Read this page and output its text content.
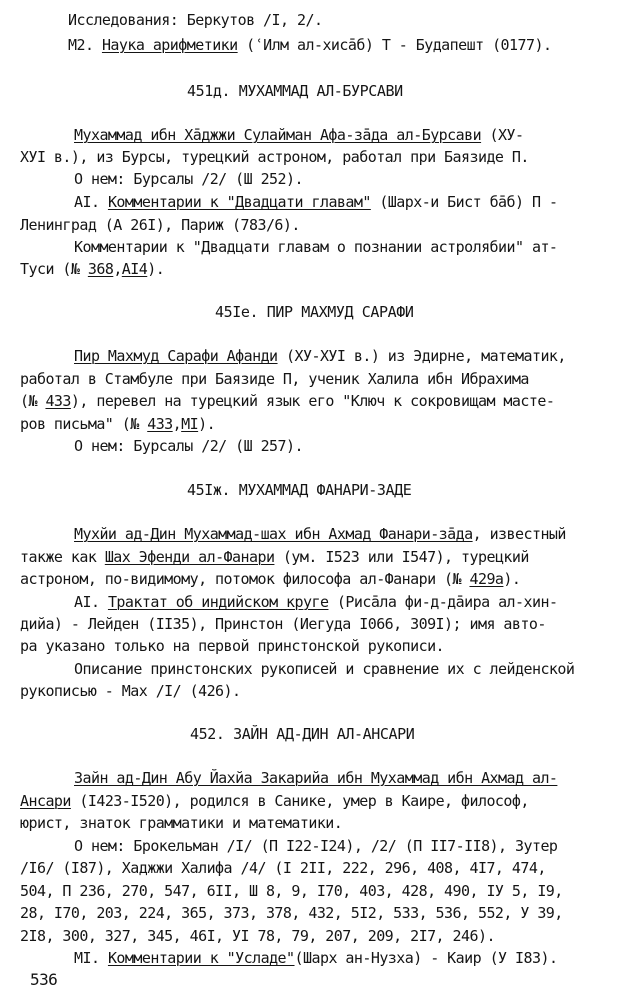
Исследования: Беркутов /I, 2/.
М2. Наука арифметики (ʿИлм ал-хисāб) Т - Будапешт (0177).
451д. МУХАММАД АЛ-БУРСАВИ
Мухаммад ибн Хāджжи Сулайман Афа-зāда ал-Бурсави (XУ-
XУI в.), из Бурсы, турецкий астроном, работал при Баязиде П.
О нем: Бурсалы /2/ (Ш 252).
AI. Комментарии к "Двадцати главам" (Шарх-и Бист бāб) П -
Ленинград (А 26I), Париж (783/6).
Комментарии к "Двадцати главам о познании астролябии" ат-
Туси (№ 368,AI4).
45Iе. ПИР МАХМУД САРАФИ
Пир Махмуд Сарафи Афанди (XУ-XУI в.) из Эдирне, математик,
работал в Стамбуле при Баязиде П, ученик Халила ибн Ибрахима
(№ 433), перевел на турецкий язык его "Ключ к сокровищам масте-
ров письма" (№ 433,MI).
О нем: Бурсалы /2/ (Ш 257).
45Iж. МУХАММАД ФАНАРИ-ЗАДЕ
Мухйи ад-Дин Мухаммад-шах ибн Ахмад Фанари-зāда, известный
также как Шах Эфенди ал-Фанари (ум. I523 или I547), турецкий
астроном, по-видимому, потомок философа ал-Фанари (№ 429а).
AI. Трактат об индийском круге (Рисāла фи-д-дāира ал-хин-
дийа) - Лейден (II35), Принстон (Иегуда I066, 309I); имя авто-
ра указано только на первой принстонской рукописи.
Описание принстонских рукописей и сравнение их с лейденской
рукописью - Мах /I/ (426).
452. ЗАЙН АД-ДИН АЛ-АНСАРИ
Зайн ад-Дин Абу Йахйа Закарийа ибн Мухаммад ибн Ахмад ал-
Ансари (I423-I520), родился в Санике, умер в Каире, философ,
юрист, знаток грамматики и математики.
О нем: Брокельман /I/ (П I22-I24), /2/ (П II7-II8), Зутер
/I6/ (I87), Хаджжи Халифа /4/ (I 2II, 222, 296, 408, 4I7, 474,
504, П 236, 270, 547, 6II, Ш 8, 9, I70, 403, 428, 490, IУ 5, I9,
28, I70, 203, 224, 365, 373, 378, 432, 5I2, 533, 536, 552, У 39,
2I8, 300, 327, 345, 46I, УI 78, 79, 207, 209, 2I7, 246).
MI. Комментарии к "Усладе"(Шарх ан-Нузха) - Каир (У I83).
536
